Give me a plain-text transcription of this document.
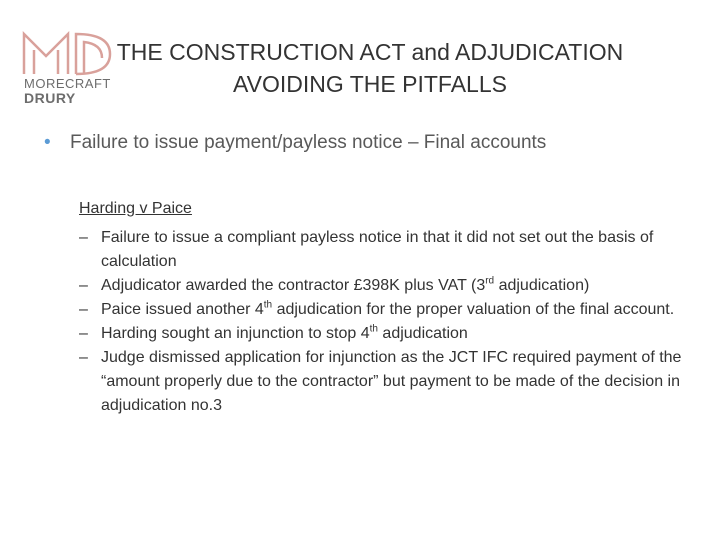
MORECRAFT
DRURY
THE CONSTRUCTION ACT and ADJUDICATION
AVOIDING THE PITFALLS
• Failure to issue payment/payless notice – Final accounts
Harding v Paice
– Failure to issue a compliant payless notice in that it did not set out the basis of calculation
– Adjudicator awarded the contractor £398K plus VAT (3rd adjudication)
– Paice issued another 4th adjudication for the proper valuation of the final account.
– Harding sought an injunction to stop 4th adjudication
– Judge dismissed application for injunction as the JCT IFC required payment of the “amount properly due to the contractor” but payment to be made of the decision in adjudication no.3
